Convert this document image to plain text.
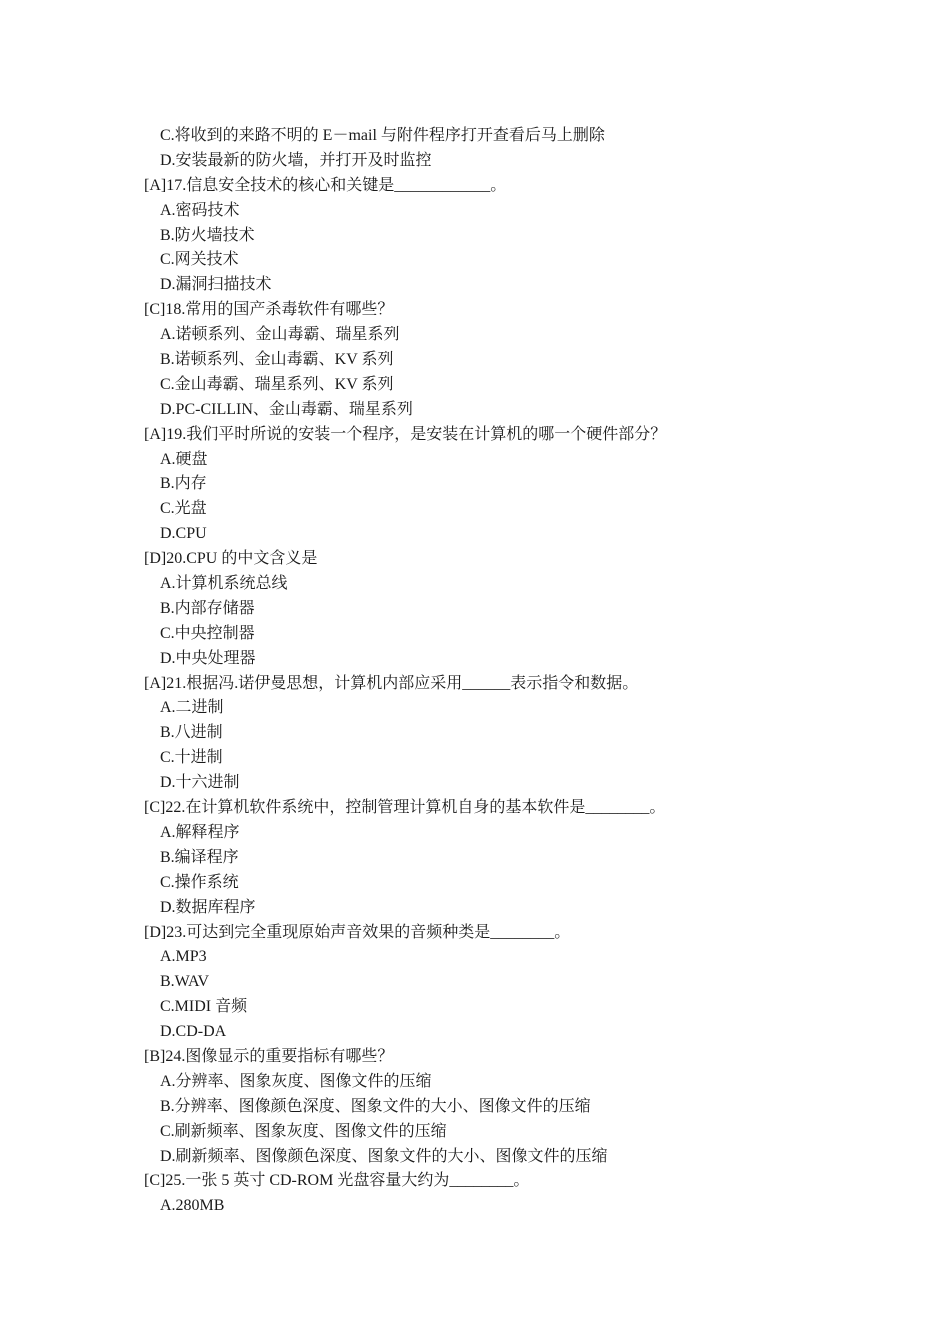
C.将收到的来路不明的 E－mail 与附件程序打开查看后马上删除
D.安装最新的防火墙，并打开及时监控
[A]17.信息安全技术的核心和关键是____________。
A.密码技术
B.防火墙技术
C.网关技术
D.漏洞扫描技术
[C]18.常用的国产杀毒软件有哪些？
A.诺顿系列、金山毒霸、瑞星系列
B.诺顿系列、金山毒霸、KV 系列
C.金山毒霸、瑞星系列、KV 系列
D.PC-CILLIN、金山毒霸、瑞星系列
[A]19.我们平时所说的安装一个程序，是安装在计算机的哪一个硬件部分？
A.硬盘
B.内存
C.光盘
D.CPU
[D]20.CPU 的中文含义是
A.计算机系统总线
B.内部存储器
C.中央控制器
D.中央处理器
[A]21.根据冯.诺伊曼思想，计算机内部应采用______表示指令和数据。
A.二进制
B.八进制
C.十进制
D.十六进制
[C]22.在计算机软件系统中，控制管理计算机自身的基本软件是________。
A.解释程序
B.编译程序
C.操作系统
D.数据库程序
[D]23.可达到完全重现原始声音效果的音频种类是________。
A.MP3
B.WAV
C.MIDI 音频
D.CD-DA
[B]24.图像显示的重要指标有哪些？
A.分辨率、图象灰度、图像文件的压缩
B.分辨率、图像颜色深度、图象文件的大小、图像文件的压缩
C.刷新频率、图象灰度、图像文件的压缩
D.刷新频率、图像颜色深度、图象文件的大小、图像文件的压缩
[C]25.一张 5 英寸 CD-ROM 光盘容量大约为________。
A.280MB
